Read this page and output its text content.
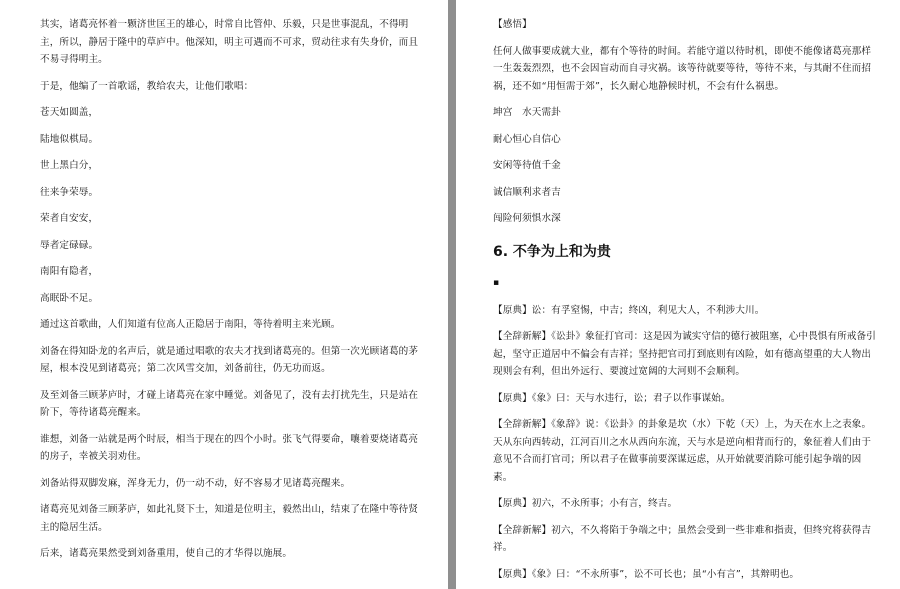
其实，诸葛亮怀着一颗济世匡王的雄心，时常自比管仲、乐毅，只是世事混乱，不得明主，所以，静居于隆中的草庐中。他深知，明主可遇而不可求，贸动往求有失身价，而且不易寻得明主。

于是，他编了一首歌谣，教给农夫，让他们歌唱：

苍天如圆盖，

陆地似棋局。

世上黑白分，

往来争荣辱。

荣者自安安，

辱者定碌碌。

南阳有隐者，

高眠卧不足。

通过这首歌曲，人们知道有位高人正隐居于南阳，等待着明主来光顾。

刘备在得知卧龙的名声后，就是通过唱歌的农夫才找到诸葛亮的。但第一次光顾诸葛的茅屋，根本没见到诸葛亮；第二次风雪交加，刘备前往，仍无功而返。

及至刘备三顾茅庐时，才碰上诸葛亮在家中睡觉。刘备见了，没有去打扰先生，只是站在阶下，等待诸葛亮醒来。

谁想，刘备一站就是两个时辰，相当于现在的四个小时。张飞气得要命，嚷着要烧诸葛亮的房子，幸被关羽劝住。

刘备站得双脚发麻，浑身无力，仍一动不动，好不容易才见诸葛亮醒来。

诸葛亮见刘备三顾茅庐，如此礼贤下士，知道是位明主，毅然出山，结束了在隆中等待贤主的隐居生活。

后来，诸葛亮果然受到刘备重用，使自己的才华得以施展。

【感悟】

任何人做事要成就大业，都有个等待的时间。若能守道以待时机，即使不能像诸葛亮那样一生轰轰烈烈，也不会因盲动而自寻灾祸。该等待就要等待，等待不来，与其耐不住而招祸，还不如“用恒需于郊”，长久耐心地静候时机，不会有什么祸患。

坤宫　水天需卦

耐心恒心自信心

安闲等待值千金

诚信顺利求者吉

闯险何须惧水深

6. 不争为上和为贵

▪

【原典】讼：有孚窒惕，中吉；终凶，利见大人，不利涉大川。

【全辞新解】《讼卦》象征打官司：这是因为诚实守信的德行被阻塞，心中畏惧有所戒备引起，坚守正道居中不偏会有吉祥；坚持把官司打到底则有凶险，如有德高望重的大人物出现则会有利，但出外远行、要渡过宽阔的大河则不会顺利。

【原典】《象》曰：天与水违行，讼；君子以作事谋始。

【全辞新解】《象辞》说：《讼卦》的卦象是坎（水）下乾（天）上，为天在水上之表象。天从东向西转动，江河百川之水从西向东流，天与水是逆向相背而行的，象征着人们由于意见不合而打官司；所以君子在做事前要深谋远虑，从开始就要消除可能引起争端的因素。

【原典】初六，不永所事；小有言，终吉。

【全辞新解】初六，不久将陷于争端之中；虽然会受到一些非难和指责，但终究将获得吉祥。

【原典】《象》曰：“不永所事”，讼不可长也；虽“小有言”，其辩明也。
